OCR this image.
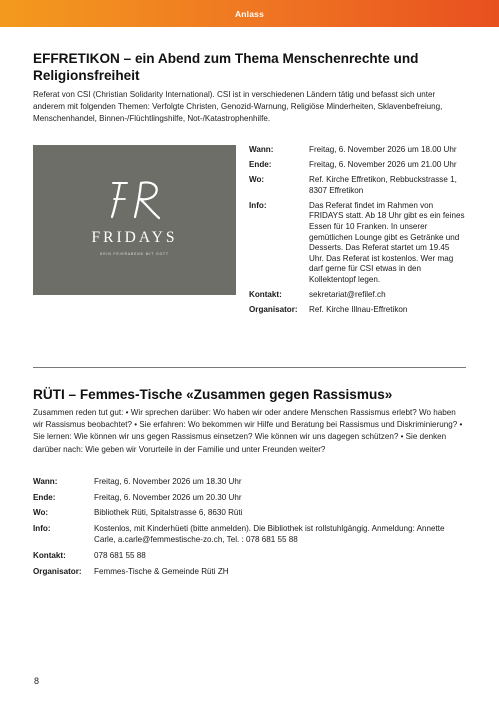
Anlass
EFFRETIKON – ein Abend zum Thema Menschenrechte und Religionsfreiheit

Referat von CSI (Christian Solidarity International). CSI ist in verschiedenen Ländern tätig und befasst sich unter anderem mit folgenden Themen: Verfolgte Christen, Genozid-Warnung, Religiöse Minderheiten, Sklavenbefreiung, Menschenhandel, Binnen-/Flüchtlingshilfe, Not-/Katastrophenhilfe.

FRIDAYS
DEIN FEIERABEND MIT GOTT
Wann:	Freitag, 6. November 2026 um 18.00 Uhr
Ende:	Freitag, 6. November 2026 um 21.00 Uhr
Wo:	Ref. Kirche Effretikon, Rebbuckstrasse 1, 8307 Effretikon
Info:	Das Referat findet im Rahmen von FRIDAYS statt. Ab 18 Uhr gibt es ein feines Essen für 10 Franken. In unserer gemütlichen Lounge gibt es Getränke und Desserts. Das Referat startet um 19.45 Uhr. Das Referat ist kostenlos. Wer mag darf gerne für CSI etwas in den Kollektentopf legen.
Kontakt:	sekretariat@refilef.ch
Organisator:	Ref. Kirche Illnau-Effretikon
RÜTI – Femmes-Tische «Zusammen gegen Rassismus»

Zusammen reden tut gut: • Wir sprechen darüber: Wo haben wir oder andere Menschen Rassismus erlebt? Wo haben wir Rassismus beobachtet? • Sie erfahren: Wo bekommen wir Hilfe und Beratung bei Rassismus und Diskriminierung? • Sie lernen: Wie können wir uns gegen Rassismus einsetzen? Wie können wir uns dagegen schützen? • Sie denken darüber nach: Wie geben wir Vorurteile in der Familie und unter Freunden weiter?

Wann:	Freitag, 6. November 2026 um 18.30 Uhr
Ende:	Freitag, 6. November 2026 um 20.30 Uhr
Wo:	Bibliothek Rüti, Spitalstrasse 6, 8630 Rüti
Info:	Kostenlos, mit Kinderhüeti (bitte anmelden). Die Bibliothek ist rollstuhlgängig. Anmeldung: Annette Carle, a.carle@femmestische-zo.ch, Tel. : 078 681 55 88
Kontakt:	078 681 55 88
Organisator:	Femmes-Tische & Gemeinde Rüti ZH
8
